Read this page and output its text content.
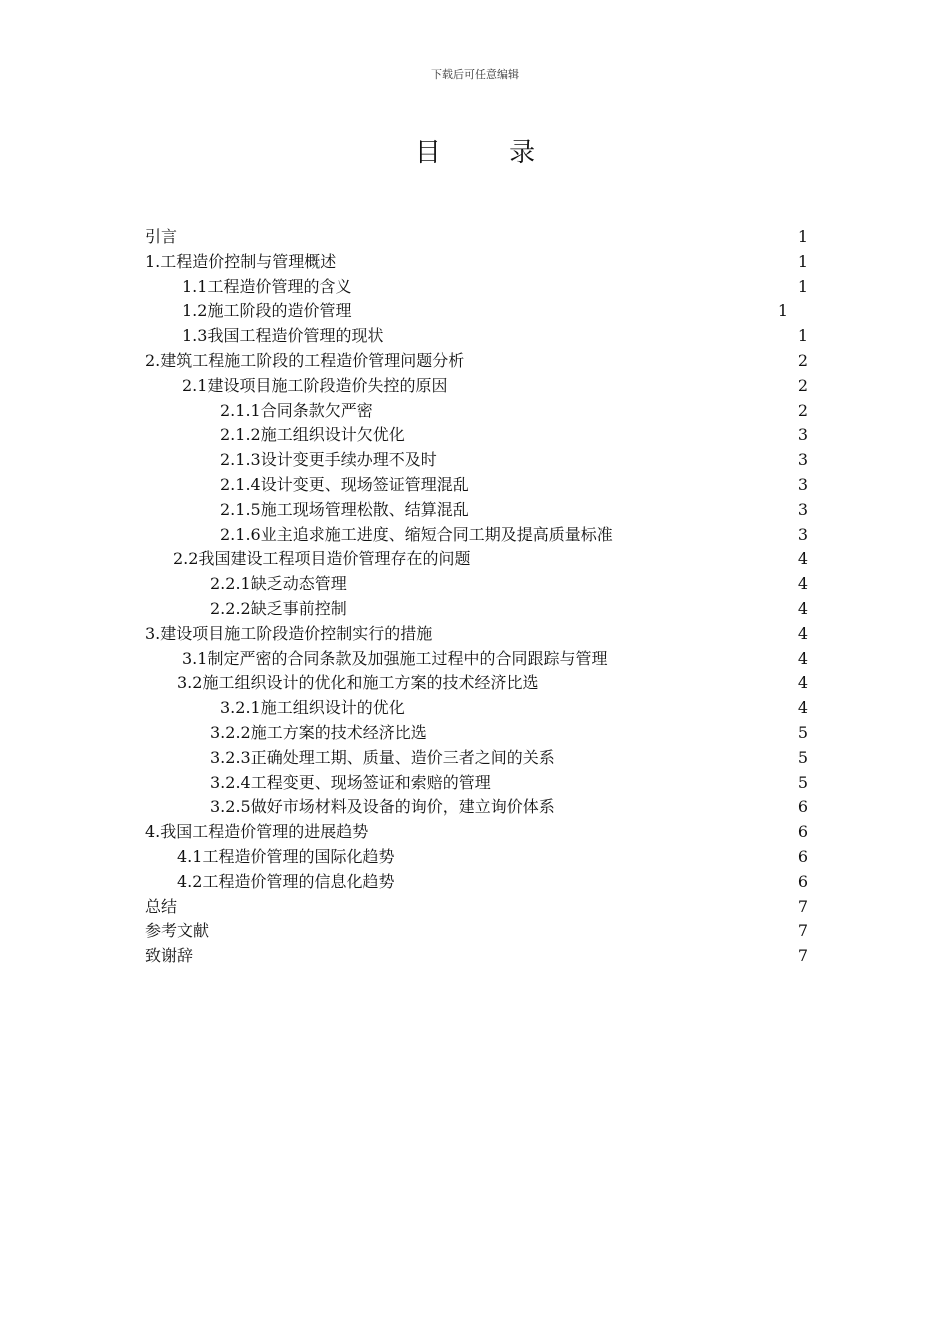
下载后可任意编辑
目 录
引言	1
1.工程造价控制与管理概述	1
1.1工程造价管理的含义	1
1.2施工阶段的造价管理	1
1.3我国工程造价管理的现状	1
2.建筑工程施工阶段的工程造价管理问题分析	2
2.1建设项目施工阶段造价失控的原因	2
2.1.1合同条款欠严密	2
2.1.2施工组织设计欠优化	3
2.1.3设计变更手续办理不及时	3
2.1.4设计变更、现场签证管理混乱	3
2.1.5施工现场管理松散、结算混乱	3
2.1.6业主追求施工进度、缩短合同工期及提高质量标准	3
2.2我国建设工程项目造价管理存在的问题	4
2.2.1缺乏动态管理	4
2.2.2缺乏事前控制	4
3.建设项目施工阶段造价控制实行的措施	4
3.1制定严密的合同条款及加强施工过程中的合同跟踪与管理	4
3.2施工组织设计的优化和施工方案的技术经济比选	4
3.2.1施工组织设计的优化	4
3.2.2施工方案的技术经济比选	5
3.2.3正确处理工期、质量、造价三者之间的关系	5
3.2.4工程变更、现场签证和索赔的管理	5
3.2.5做好市场材料及设备的询价，建立询价体系	6
4.我国工程造价管理的进展趋势	6
4.1工程造价管理的国际化趋势	6
4.2工程造价管理的信息化趋势	6
总结	7
参考文献	7
致谢辞	7
